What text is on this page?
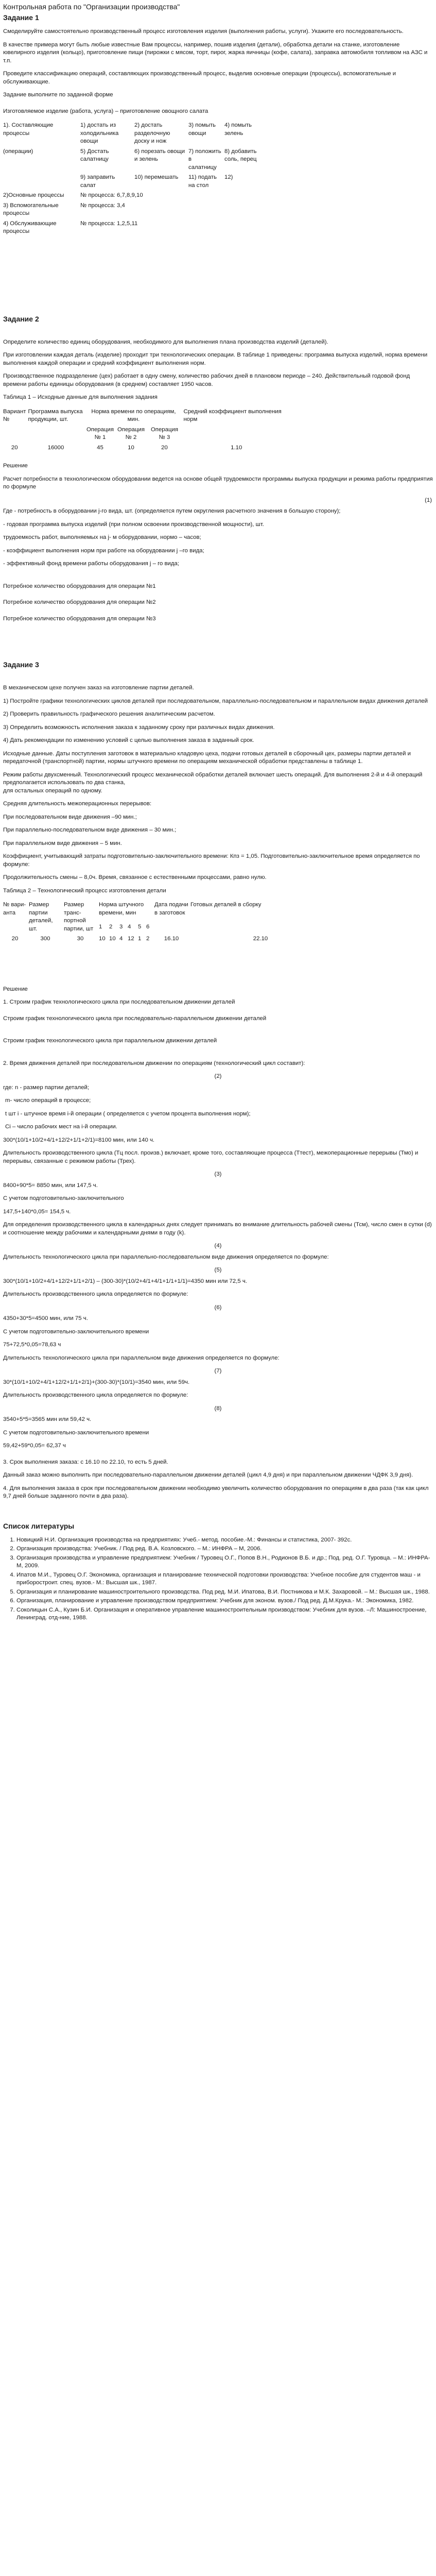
Контрольная работа по "Организации производства"
Задание 1

Смоделируйте самостоятельно производственный процесс изготовления изделия (выполнения работы, услуги). Укажите его последовательность.

В качестве примера могут быть любые известные Вам процессы, например, пошив изделия (детали), обработка детали на станке, изготовление ювелирного изделия (кольцо), приготовление пищи (пирожки с мясом, торт, пирог, жарка яичницы (кофе, салата), заправка автомобиля топливом на АЗС и т.п.

Проведите классификацию операций, составляющих производственный процесс, выделив основные операции (процессы), вспомогательные и обслуживающие.

Задание выполните по заданной форме

Изготовляемое изделие (работа, услуга) – приготовление овощного салата

1). Составляющие процессы	1) достать из холодильника овощи	2) достать разделочную доску и нож	3) помыть овощи	4) помыть зелень	
(операции)	5) Достать салатницу	6) порезать овощи и зелень	7) положить в салатницу	8) добавить соль, перец	
	9) заправить салат	10) перемешать	11) подать на стол	12)	
2)Основные процессы	№ процесса: 6,7,8,9,10				
3) Вспомогательные процессы	№ процесса: 3,4				
4) Обслуживающие процессы	№ процесса: 1,2,5,11				
Задание 2

Определите количество единиц оборудования, необходимого для выполнения плана производства изделий (деталей).

При изготовлении каждая деталь (изделие) проходит три технологических операции. В таблице 1 приведены: программа выпуска изделий, норма времени выполнения каждой операции и средний коэффициент выполнения норм.

Производственное подразделение (цех) работает в одну смену, количество рабочих дней в плановом периоде – 240. Действительный годовой фонд времени работы единицы оборудования (в среднем) составляет 1950 часов.

Таблица 1 – Исходные данные для выполнения задания

Вариант №	Программа выпуска продукции, шт.	Норма времени по операциям, мин.			Средний коэффициент выполнения норм
		Операция № 1	Операция № 2	Операция № 3	
20	16000	45	10	20	1.10

Решение

Расчет потребности в технологическом оборудовании ведется на основе общей трудоемкости программы выпуска продукции и режима работы предприятия по формуле

(1)

Где - потребность в оборудовании j-го вида, шт. (определяется путем округления расчетного значения в большую сторону);

- годовая программа выпуска изделий (при полном освоении производственной мощности), шт.

трудоемкость работ, выполняемых на j- м оборудовании, нормо – часов;

- коэффициент выполнения норм при работе на оборудовании j –го вида;

- эффективный фонд времени работы оборудования j – го вида;

Потребное количество оборудования для операции №1

Потребное количество оборудования для операции №2

Потребное количество оборудования для операции №3

Задание 3

В механическом цехе получен заказ на изготовление партии деталей.

1) Постройте графики технологических циклов деталей при последовательном, параллельно-последовательном и параллельном видах движения деталей

2) Проверить правильность графического решения аналитическим расчетом.

3) Определить возможность исполнения заказа к заданному сроку при различных видах движения.

4) Дать рекомендации по изменению условий с целью выполнения заказа в заданный срок.

Исходные данные. Даты поступления заготовок в материально кладовую цеха, подачи готовых деталей в сборочный цех, размеры партии деталей и передаточной (транспортной) партии, нормы штучного времени по операциям механической обработки представлены в таблице 1.

Режим работы двухсменный. Технологический процесс механической обработки деталей включает шесть операций. Для выполнения 2-й и 4-й операций предполагается использовать по два станка,

для остальных операций по одному.

Средняя длительность межоперационных перерывов:

При последовательном виде движения –90 мин.;

При параллельно-последовательном виде движения – 30 мин.;

При параллельном виде движения – 5 мин.

Коэффициент, учитывающий затраты подготовительно-заключительного времени: Кпз = 1,05. Подготовительно-заключительное время определяется по формуле:

Продолжительность смены – 8,0ч. Время, связанное с естественными процессами, равно нулю.

Таблица 2 – Технологический процесс изготовления детали

№ вари-анта	Размер партии деталей, шт.	Размер транс-портной партии, шт	Норма штучного времени, мин						Дата подачи в заготовок	Готовых деталей в сборку
			1	2	3	4	5	6		
20	300	30	10	10	4	12	1	2	16.10	22.10

Решение

1. Строим график технологического цикла при последовательном движении деталей

Строим график технологического цикла при последовательно-параллельном движении деталей

Строим график технологического цикла при параллельном движении деталей

2. Время движения деталей при последовательном движении по операциям (технологический цикл составит):

(2)

где: n - размер партии деталей;

m- число операций в процессе;

t шт i - штучное время i-й операции ( определяется с учетом процента выполнения норм);

Ci – число рабочих мест на i-й операции.

300*(10/1+10/2+4/1+12/2+1/1+2/1)=8100 мин, или 140 ч.

Длительность производственного цикла (Тц посл. произв.) включает, кроме того, составляющие процесса (Ттест), межоперационные перерывы (Тмо) и перерывы, связанные с режимом работы (Трех).

(3)

8400+90*5= 8850 мин, или 147,5 ч.

С учетом подготовительно-заключительного

147,5+140*0,05= 154,5 ч.

Для определения производственного цикла в календарных днях следует принимать во внимание длительность рабочей смены (Тсм), число смен в сутки (d) и соотношение между рабочими и календарными днями в году (k).

(4)

Длительность технологического цикла при параллельно-последовательном виде движения определяется по формуле:

(5)

300*(10/1+10/2+4/1+12/2+1/1+2/1) – (300-30)*(10/2+4/1+4/1+1/1+1/1)=4350 мин или 72,5 ч.

Длительность производственного цикла определяется по формуле:

(6)

4350+30*5=4500 мин, или 75 ч.

С учетом подготовительно-заключительного времени

75+72,5*0,05=78,63 ч

Длительность технологического цикла при параллельном виде движения определяется по формуле:

(7)

30*(10/1+10/2+4/1+12/2+1/1+2/1)+(300-30)*(10/1)=3540 мин, или 59ч.

Длительность производственного цикла определяется по формуле:

(8)

3540+5*5=3565 мин или 59,42 ч.

С учетом подготовительно-заключительного времени

59,42+59*0,05= 62,37 ч

3. Срок выполнения заказа: с 16.10 по 22.10, то есть 5 дней.

Данный заказ можно выполнить при последовательно-параллельном движении деталей (цикл 4,9 дня) и при параллельном движении ЧДФК 3,9 дня).

4. Для выполнения заказа в срок при последовательном движении необходимо увеличить количество оборудования по операциям в два раза (так как цикл 9,7 дней больше заданного почти в два раза).

Список литературы
1. Новицкий Н.И. Организация производства на предприятиях: Учеб.- метод. пособие.-М.: Финансы и статистика, 2007- 392с.
2. Организация производства: Учебник. / Под ред. В.А. Козловского. – М.: ИНФРА – М, 2006.
3. Организация производства и управление предприятием: Учебник / Туровец О.Г., Попов В.Н., Родионов В.Б. и др.; Под. ред. О.Г. Туровца. – М.: ИНФРА-М, 2009.
4. Ипатов М.И., Туровец О.Г. Экономика, организация и планирование технической подготовки производства: Учебное пособие для студентов маш - и приборостроит. спец. вузов.- М.: Высшая шк., 1987.
5. Организация и планирование машиностроительного производства. Под ред. М.И. Ипатова, В.И. Постникова и М.К. Захаровой. – М.: Высшая шк., 1988.
6. Организация, планирование и управление производством предприятием: Учебник для эконом. вузов./ Под ред. Д.М.Крука.- М.: Экономика, 1982.
7. Соколицын С.А., Кузин Б.И. Организация и оперативное управление машиностроительным производством: Учебник для вузов. –Л: Машиностроение, Ленинград. отд-ние, 1988.
